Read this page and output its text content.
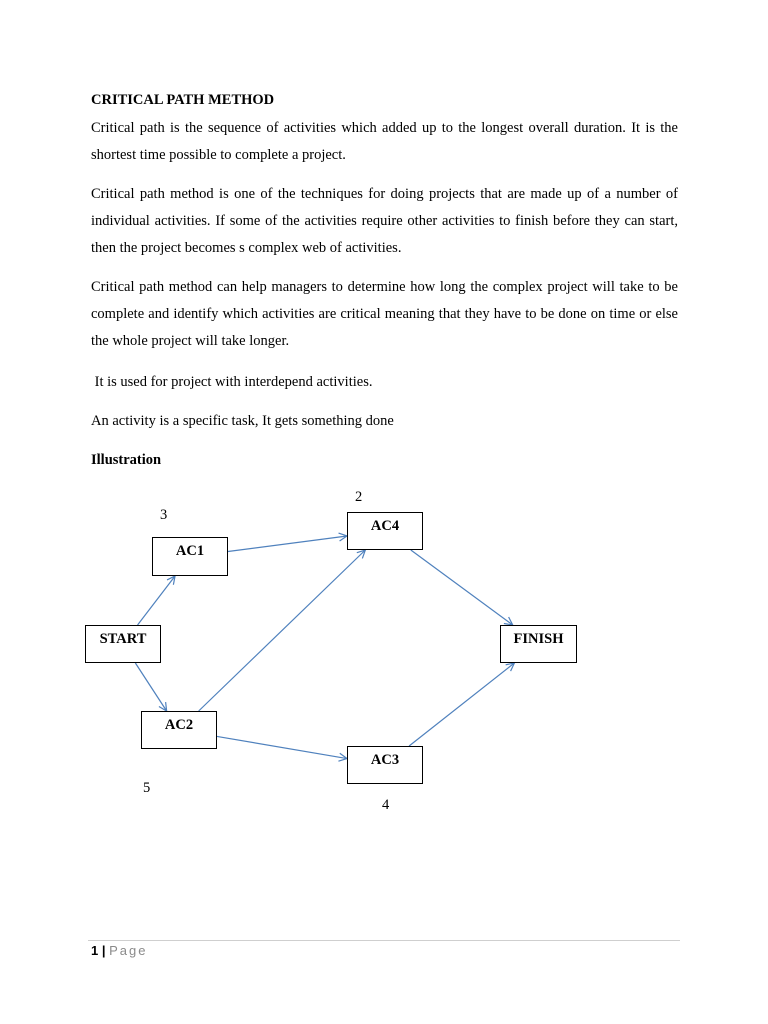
CRITICAL PATH METHOD

Critical path is the sequence of activities which added up to the longest overall duration. It is the shortest time possible to complete a project.

Critical path method is one of the techniques for doing projects that are made up of a number of individual activities. If some of the activities require other activities to finish before they can start, then the project becomes s complex web of activities.

Critical path method can help managers to determine how long the complex project will take to be complete and identify which activities are critical meaning that they have to be done on time or else the whole project will take longer.

It is used for project with interdepend activities.
An activity is a specific task, It gets something done
Illustration
START
AC1
AC2
AC3
AC4
FINISH
3
5
4
2
1 | Page
